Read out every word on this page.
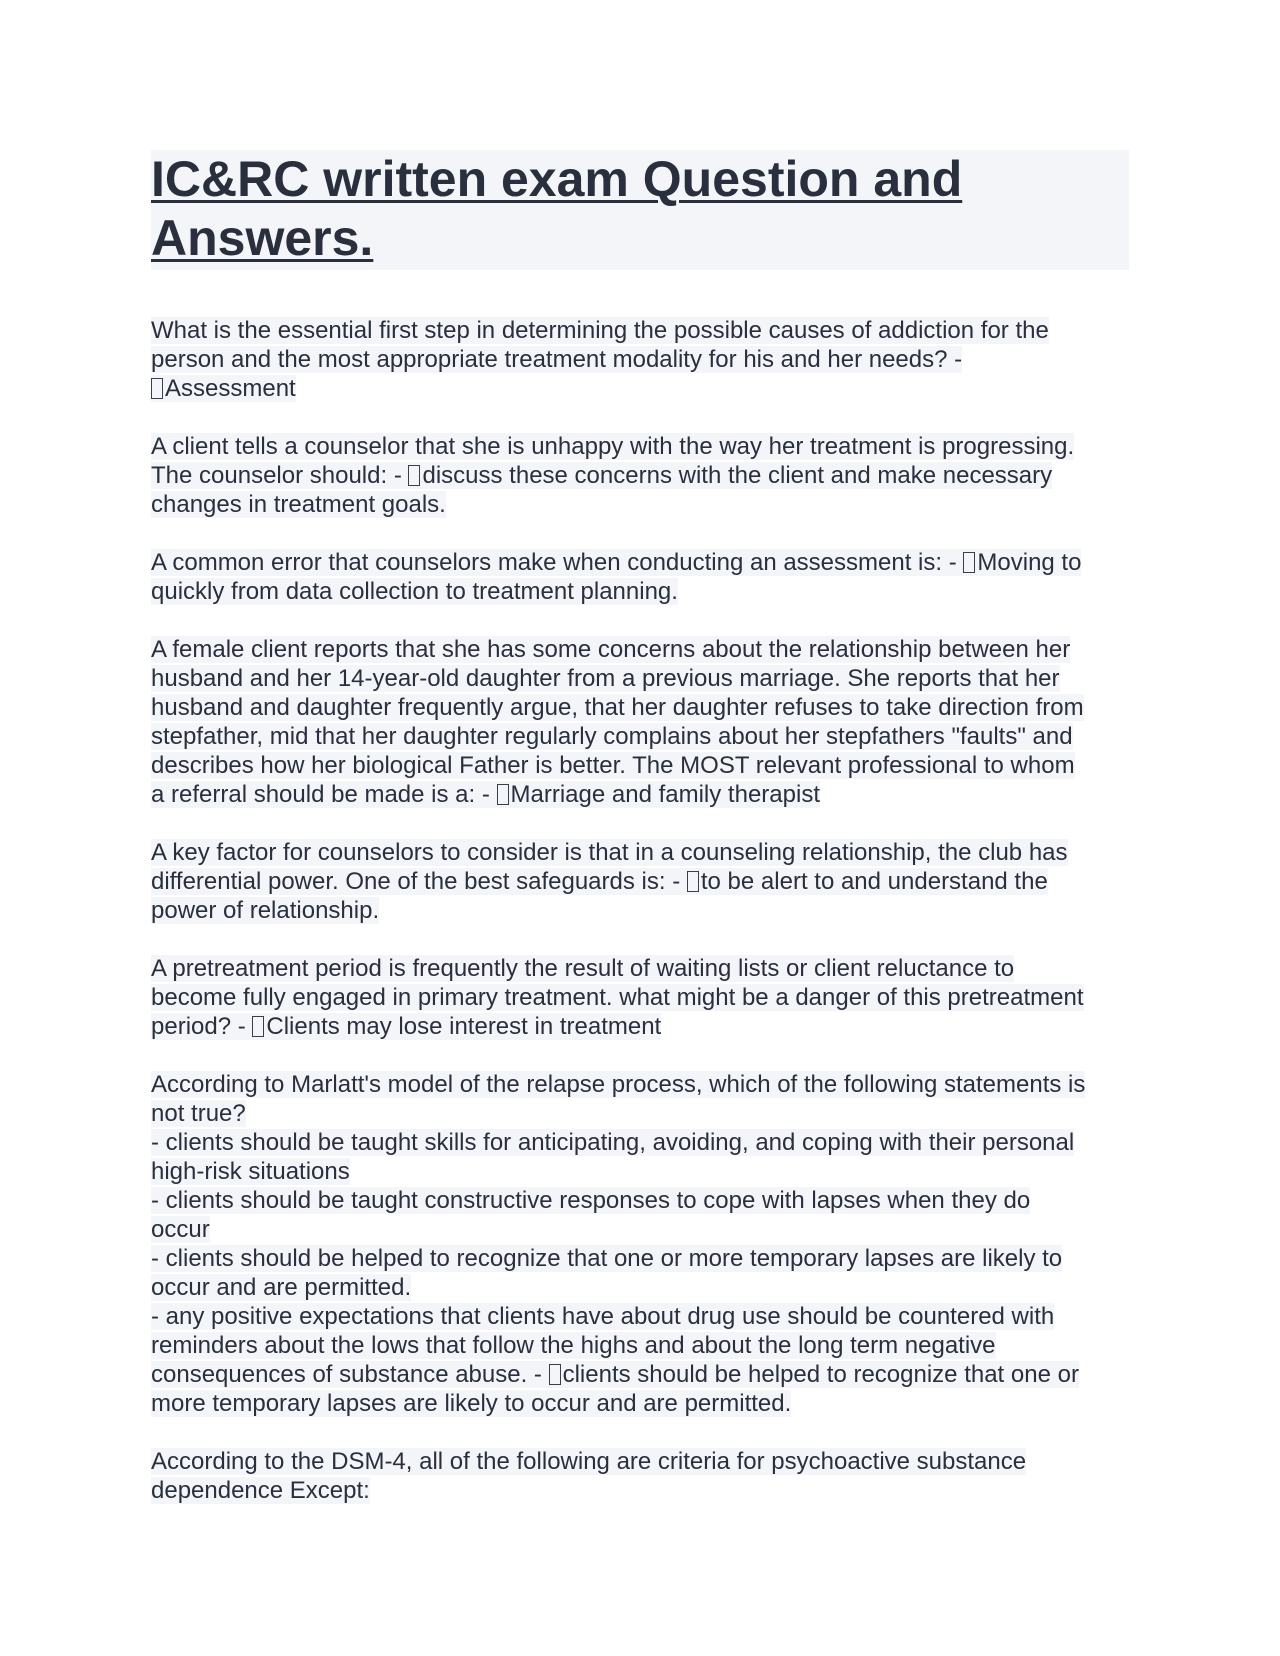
IC&RC written exam Question and Answers.
What is the essential first step in determining the possible causes of addiction for the
person and the most appropriate treatment modality for his and her needs? -
Assessment
A client tells a counselor that she is unhappy with the way her treatment is progressing.
The counselor should: - discuss these concerns with the client and make necessary
changes in treatment goals.
A common error that counselors make when conducting an assessment is: - Moving to
quickly from data collection to treatment planning.
A female client reports that she has some concerns about the relationship between her
husband and her 14-year-old daughter from a previous marriage. She reports that her
husband and daughter frequently argue, that her daughter refuses to take direction from
stepfather, mid that her daughter regularly complains about her stepfathers "faults" and
describes how her biological Father is better. The MOST relevant professional to whom
a referral should be made is a: - Marriage and family therapist
A key factor for counselors to consider is that in a counseling relationship, the club has
differential power. One of the best safeguards is: - to be alert to and understand the
power of relationship.
A pretreatment period is frequently the result of waiting lists or client reluctance to
become fully engaged in primary treatment. what might be a danger of this pretreatment
period? - Clients may lose interest in treatment
According to Marlatt's model of the relapse process, which of the following statements is
not true?
- clients should be taught skills for anticipating, avoiding, and coping with their personal
high-risk situations
- clients should be taught constructive responses to cope with lapses when they do
occur
- clients should be helped to recognize that one or more temporary lapses are likely to
occur and are permitted.
- any positive expectations that clients have about drug use should be countered with
reminders about the lows that follow the highs and about the long term negative
consequences of substance abuse. - clients should be helped to recognize that one or
more temporary lapses are likely to occur and are permitted.
According to the DSM-4, all of the following are criteria for psychoactive substance
dependence Except:
